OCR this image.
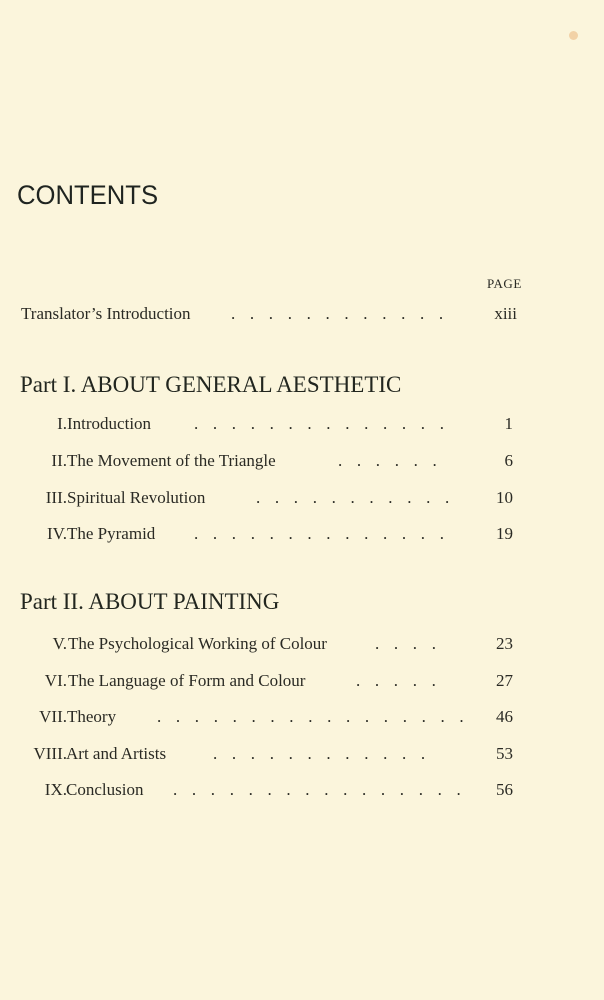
CONTENTS
PAGE
Translator’s Introduction . . . . . . . . . . . .	xiii
Part I. ABOUT GENERAL AESTHETIC
I. Introduction	. . . . . . . . . . . . . .	1
II. The Movement of the Triangle	. . . . . .	6
III. Spiritual Revolution	. . . . . . . . . . . 10
IV. The Pyramid . . . . . . . . . . . . . .	19
Part II. ABOUT PAINTING
V. The Psychological Working of Colour	. . . .	23
VI. The Language of Form and Colour	. . . . .	27
VII. Theory . . . . . . . . . . . . . . . . . 46
VIII. Art and Artists	. . . . . . . . . . . .	53
IX. Conclusion . . . . . . . . . . . . . . . . 56
